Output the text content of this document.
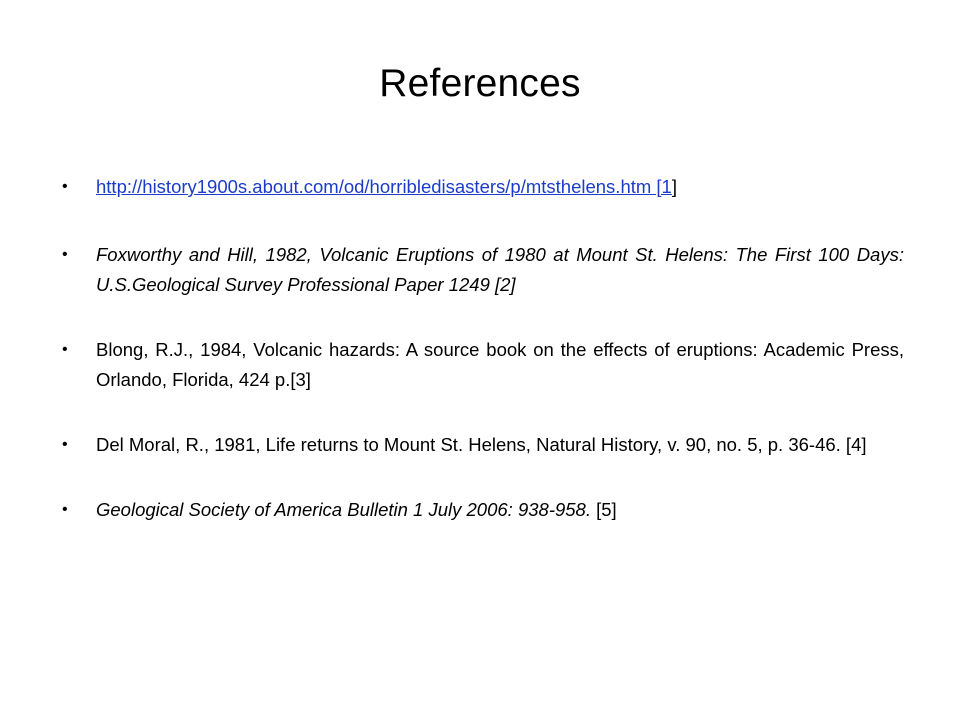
References
• http://history1900s.about.com/od/horribledisasters/p/mtsthelens.htm [1]
• Foxworthy and Hill, 1982, Volcanic Eruptions of 1980 at Mount St. Helens: The First 100 Days: U.S.Geological Survey Professional Paper 1249 [2]
• Blong, R.J., 1984, Volcanic hazards: A source book on the effects of eruptions: Academic Press, Orlando, Florida, 424 p.[3]
• Del Moral, R., 1981, Life returns to Mount St. Helens, Natural History, v. 90, no. 5, p. 36-46. [4]
• Geological Society of America Bulletin 1 July 2006: 938-958. [5]
